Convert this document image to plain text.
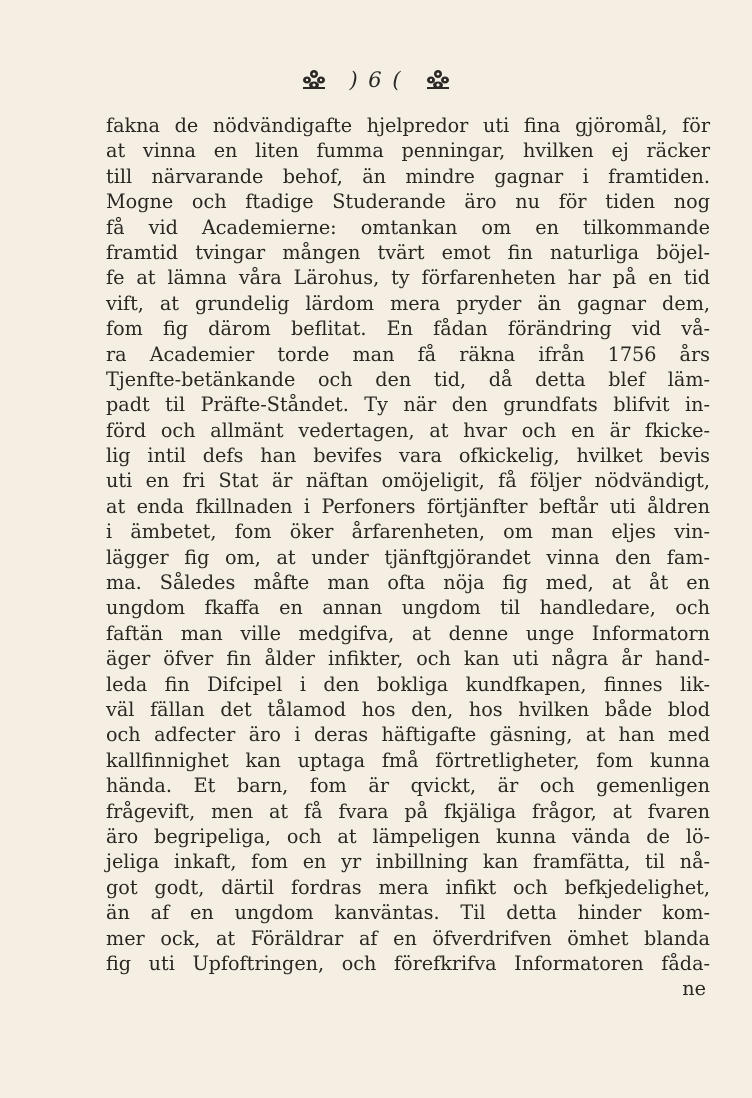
) 6 (
fakna de nödvändigafte hjelpredor uti fina gjöromål, för
at vinna en liten fumma penningar, hvilken ej räcker
till närvarande behof, än mindre gagnar i framtiden.
Mogne och ftadige Studerande äro nu för tiden nog
få vid Academierne: omtankan om en tilkommande
framtid tvingar mången tvärt emot fin naturliga böjel-
fe at lämna våra Lärohus, ty förfarenheten har på en tid
vift, at grundelig lärdom mera pryder än gagnar dem,
fom fig därom beflitat. En fådan förändring vid vå-
ra Academier torde man få räkna ifrån 1756 års
Tjenfte-betänkande och den tid, då detta blef läm-
padt til Präfte-Ståndet. Ty när den grundfats blifvit in-
förd och allmänt vedertagen, at hvar och en är fkicke-
lig intil defs han bevifes vara ofkickelig, hvilket bevis
uti en fri Stat är näftan omöjeligit, få följer nödvändigt,
at enda fkillnaden i Perfoners förtjänfter beftår uti åldren
i ämbetet, fom öker årfarenheten, om man eljes vin-
lägger fig om, at under tjänftgjörandet vinna den fam-
ma. Således måfte man ofta nöja fig med, at åt en
ungdom fkaffa en annan ungdom til handledare, och
faftän man ville medgifva, at denne unge Informatorn
äger öfver fin ålder infikter, och kan uti några år hand-
leda fin Difcipel i den bokliga kundfkapen, finnes lik-
väl fällan det tålamod hos den, hos hvilken både blod
och adfecter äro i deras häftigafte gäsning, at han med
kallfinnighet kan uptaga fmå förtretligheter, fom kunna
hända. Et barn, fom är qvickt, är och gemenligen
frågevift, men at få fvara på fkjäliga frågor, at fvaren
äro begripeliga, och at lämpeligen kunna vända de lö-
jeliga inkaft, fom en yr inbillning kan framfätta, til nå-
got godt, därtil fordras mera infikt och befkjedelighet,
än af en ungdom kanväntas. Til detta hinder kom-
mer ock, at Föräldrar af en öfverdrifven ömhet blanda
fig uti Upfoftringen, och förefkrifva Informatoren fåda-
ne
